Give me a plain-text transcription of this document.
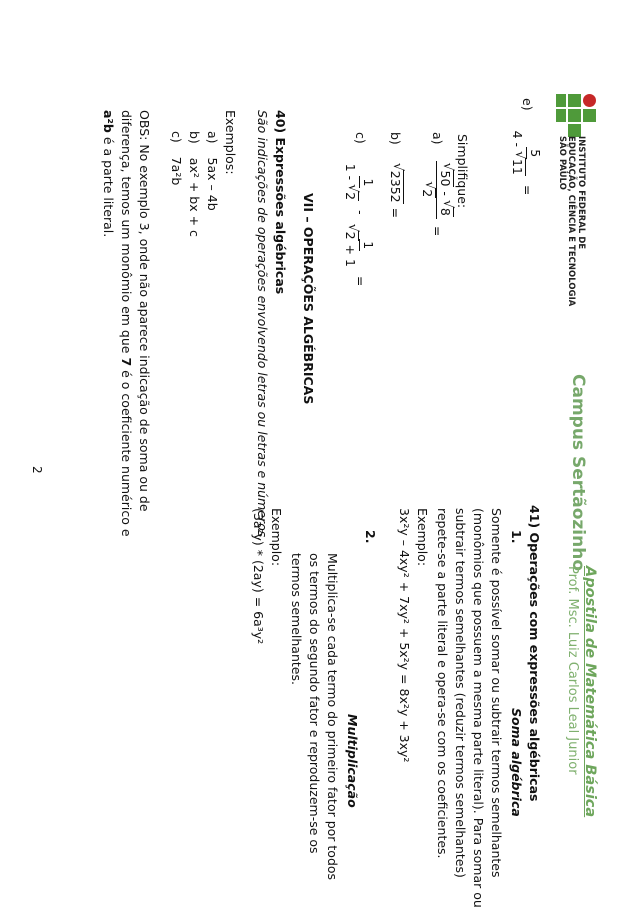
INSTITUTO FEDERAL DE
EDUCAÇÃO, CIÊNCIA E TECNOLOGIA
SÃO PAULO
Campus Sertãozinho
Apostila de Matemática Básica
Prof. Msc. Luiz Carlos Leal Junior
e)
5
4 -
√
11
=
Simplifique:
a)
√
50 -
√
8
√
2
=
b)
√
2352 =
c)
1
1 -
√
2
-
1
√
2 + 1
=
VII – OPERAÇÕES ALGÉBRICAS
40) Expressões algébricas
São indicações de operações envolvendo letras ou letras e números.
Exemplos:
a) 5ax – 4b
b) ax² + bx + c
c) 7a²b
OBS: No exemplo 3, onde não aparece indicação de soma ou de
diferença, temos um monômio em que 7 é o coeficiente numérico e
a²b é a parte literal.
41) Operações com expressões algébricas
1.
Soma algébrica
Somente é possível somar ou subtrair termos semelhantes
(monômios que possuem a mesma parte literal). Para somar ou
subtrair termos semelhantes (reduzir termos semelhantes)
repete-se a parte literal e opera-se com os coeficientes.
Exemplo:
3x²y – 4xy² + 7xy² + 5x²y = 8x²y + 3xy²
2.
Multiplicação
Multiplica-se cada termo do primeiro fator por todos
os termos do segundo fator e reproduzem-se os
termos semelhantes.
Exemplo:
(3a²y) * (2ay) = 6a³y²
2
